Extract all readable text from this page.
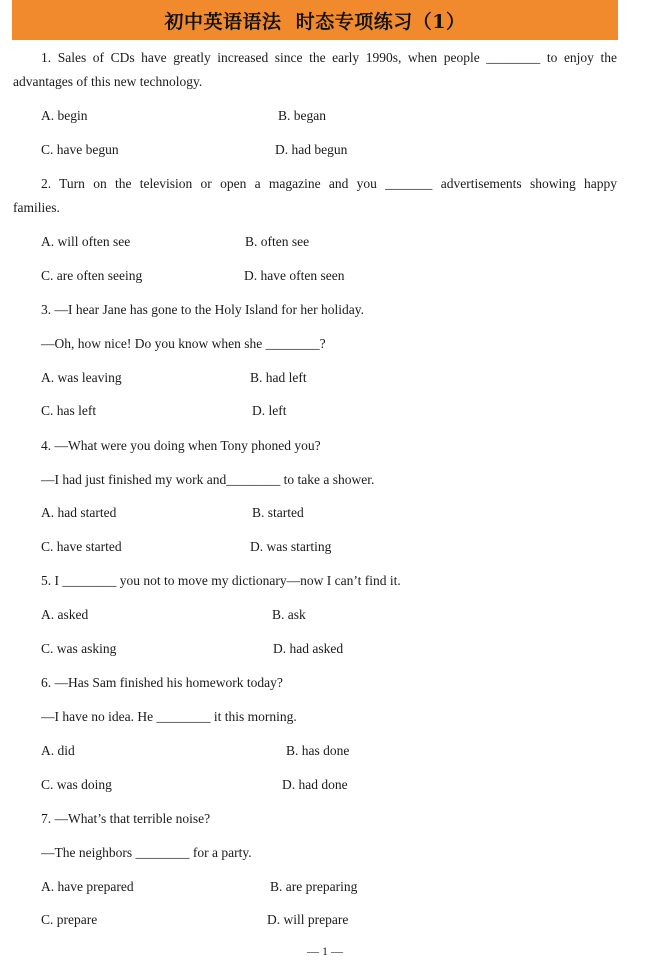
初中英语语法  时态专项练习（1）
1. Sales of CDs have greatly increased since the early 1990s, when people ________ to enjoy the
advantages of this new technology.
A. begin	B. began
C. have begun	D. had begun
2. Turn on the television or open a magazine and you _______ advertisements showing happy
families.
A. will often see	B. often see
C. are often seeing	D. have often seen
3. —I hear Jane has gone to the Holy Island for her holiday.
—Oh, how nice! Do you know when she ________?
A. was leaving	B. had left
C. has left	D. left
4. —What were you doing when Tony phoned you?
—I had just finished my work and________ to take a shower.
A. had started	B. started
C. have started	D. was starting
5. I ________ you not to move my dictionary—now I can’t find it.
A. asked	B. ask
C. was asking	D. had asked
6. —Has Sam finished his homework today?
—I have no idea. He ________ it this morning.
A. did	B. has done
C. was doing	D. had done
7. —What’s that terrible noise?
—The neighbors ________ for a party.
A. have prepared	B. are preparing
C. prepare	D. will prepare
— 1 —
